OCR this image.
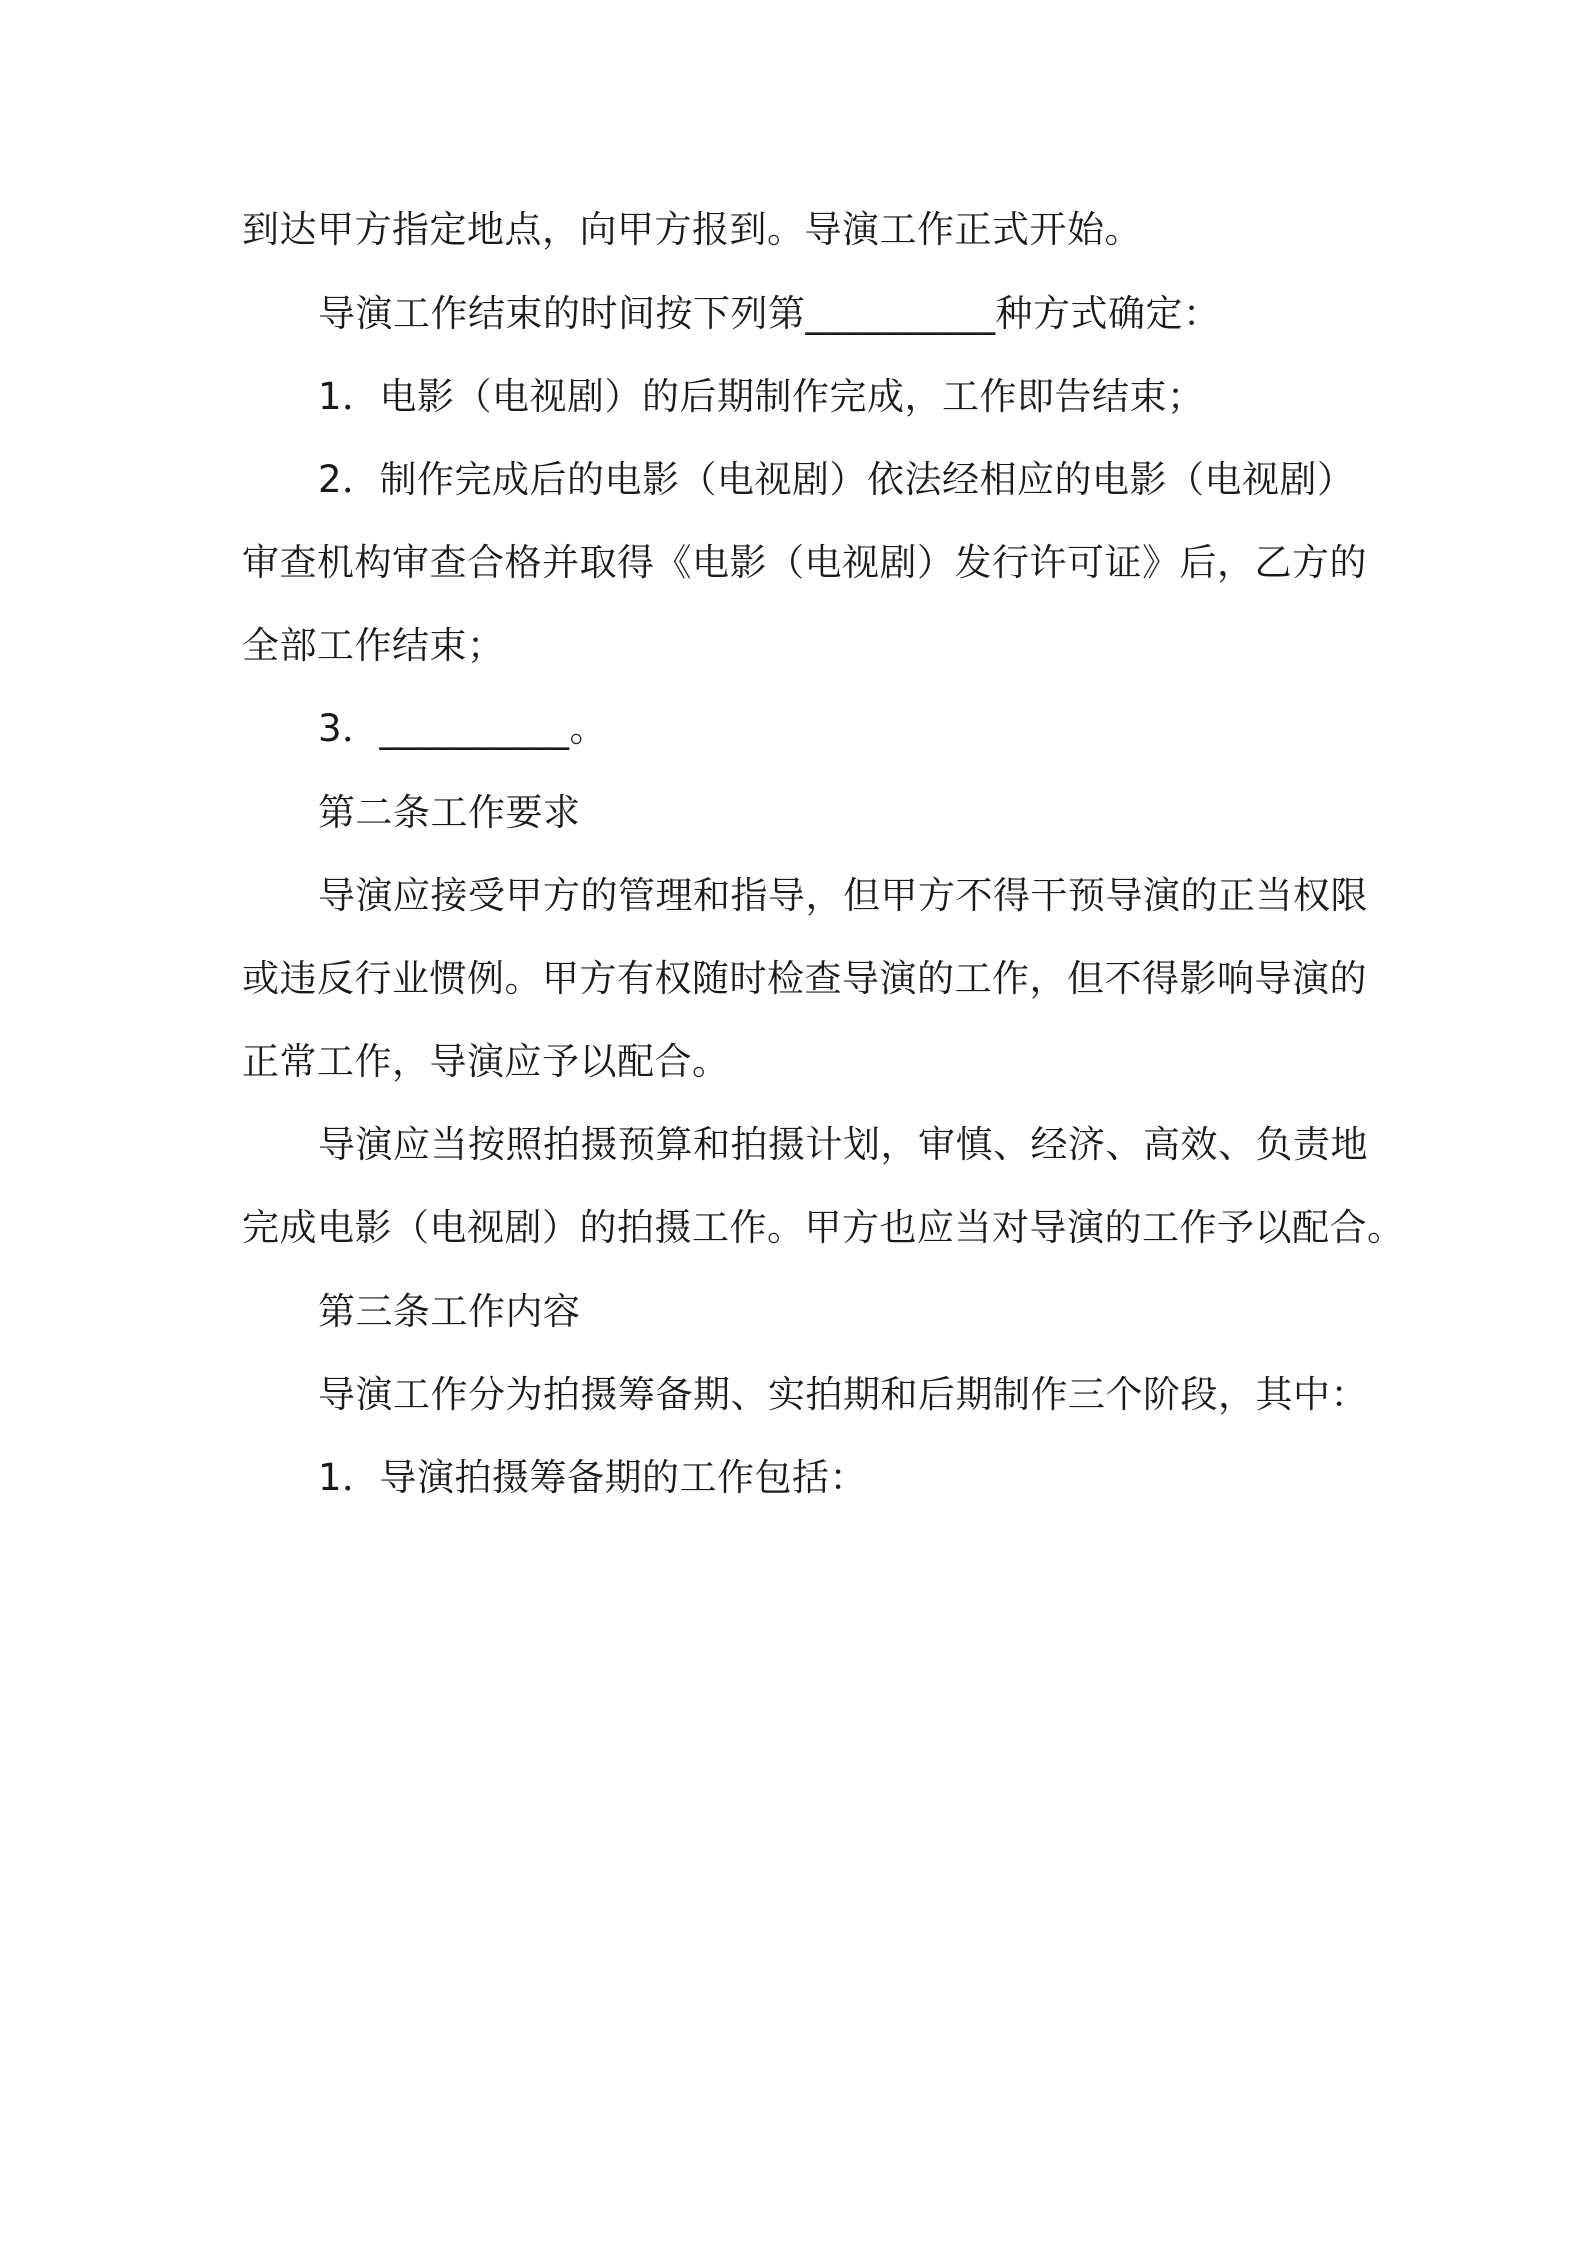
到达甲方指定地点，向甲方报到。导演工作正式开始。
导演工作结束的时间按下列第__________种方式确定：
1．电影（电视剧）的后期制作完成，工作即告结束；
2．制作完成后的电影（电视剧）依法经相应的电影（电视剧）
审查机构审查合格并取得《电影（电视剧）发行许可证》后，乙方的
全部工作结束；
3．__________。
第二条工作要求
导演应接受甲方的管理和指导，但甲方不得干预导演的正当权限
或违反行业惯例。甲方有权随时检查导演的工作，但不得影响导演的
正常工作，导演应予以配合。
导演应当按照拍摄预算和拍摄计划，审慎、经济、高效、负责地
完成电影（电视剧）的拍摄工作。甲方也应当对导演的工作予以配合。
第三条工作内容
导演工作分为拍摄筹备期、实拍期和后期制作三个阶段，其中：
1．导演拍摄筹备期的工作包括：
